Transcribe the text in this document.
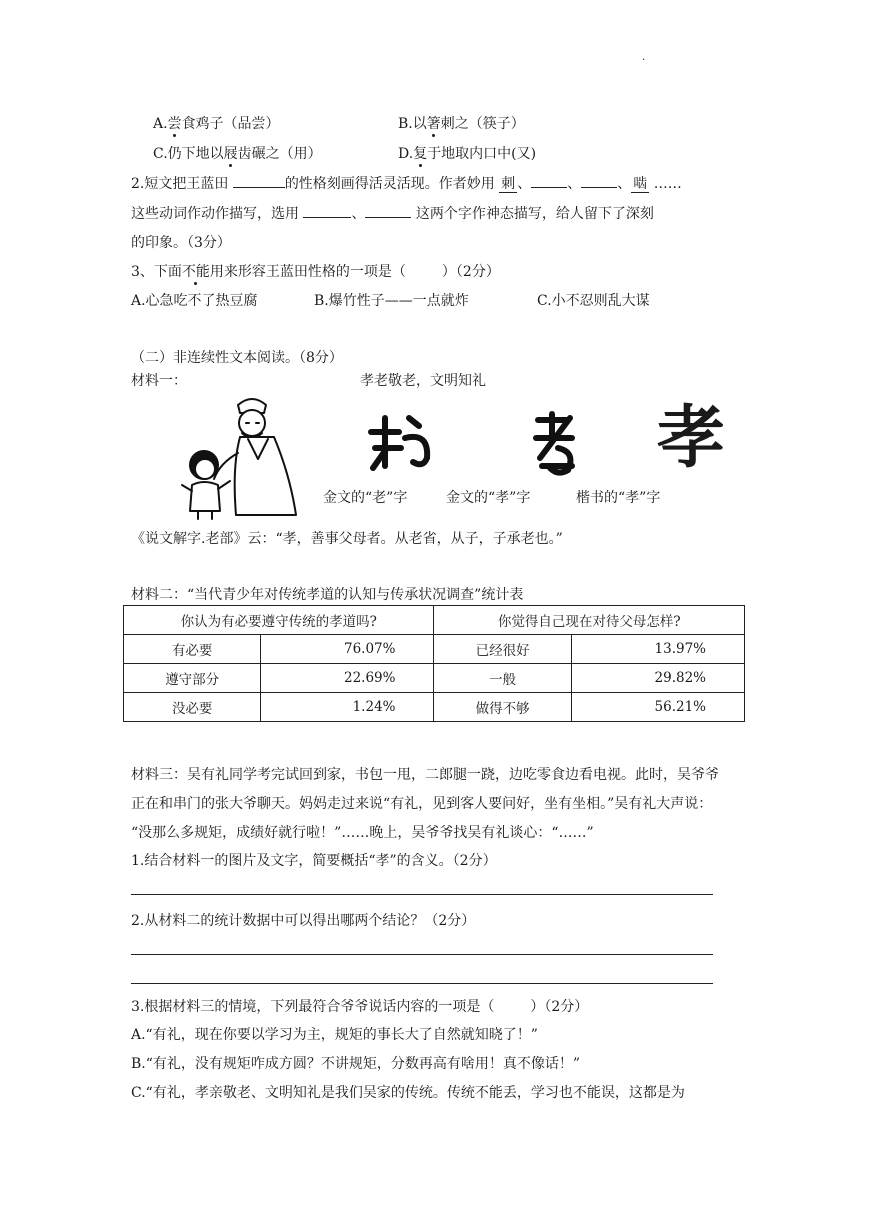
.
A.尝食鸡子（品尝）	B.以箸刺之（筷子）
C.仍下地以屐齿碾之（用）	D.复于地取内口中(又)
2.短文把王蓝田	的性格刻画得活灵活现。作者妙用 刺 、	、	、 啮 ……
这些动词作动作描写，选用	、	这两个字作神态描写，给人留下了深刻
的印象。（3分）
3、下面不能用来形容王蓝田性格的一项是（	）（2分）
A.心急吃不了热豆腐	B.爆竹性子——一点就炸	C.小不忍则乱大谋
（二）非连续性文本阅读。（8分）
材料一：	孝老敬老，文明知礼
孝
金文的“老”字	金文的“孝”字	楷书的“孝”字
《说文解字.老部》云：“孝，善事父母者。从老省，从子，子承老也。”
材料二：“当代青少年对传统孝道的认知与传承状况调查”统计表
你认为有必要遵守传统的孝道吗?		你觉得自己现在对待父母怎样?	
有必要	76.07%	已经很好	13.97%
遵守部分	22.69%	一般	29.82%
没必要	1.24%	做得不够	56.21%
材料三：吴有礼同学考完试回到家，书包一甩，二郎腿一跷，边吃零食边看电视。此时，吴爷爷
正在和串门的张大爷聊天。妈妈走过来说“有礼，见到客人要问好，坐有坐相。”吴有礼大声说：
“没那么多规矩，成绩好就行啦！”……晚上，吴爷爷找吴有礼谈心：“……”
1.结合材料一的图片及文字，简要概括“孝”的含义。（2分）
2.从材料二的统计数据中可以得出哪两个结论？（2分）
3.根据材料三的情境，下列最符合爷爷说话内容的一项是（	）（2分）
A.“有礼，现在你要以学习为主，规矩的事长大了自然就知晓了！”
B.“有礼，没有规矩咋成方圆？不讲规矩，分数再高有啥用！真不像话！”
C.“有礼，孝亲敬老、文明知礼是我们吴家的传统。传统不能丢，学习也不能误，这都是为
